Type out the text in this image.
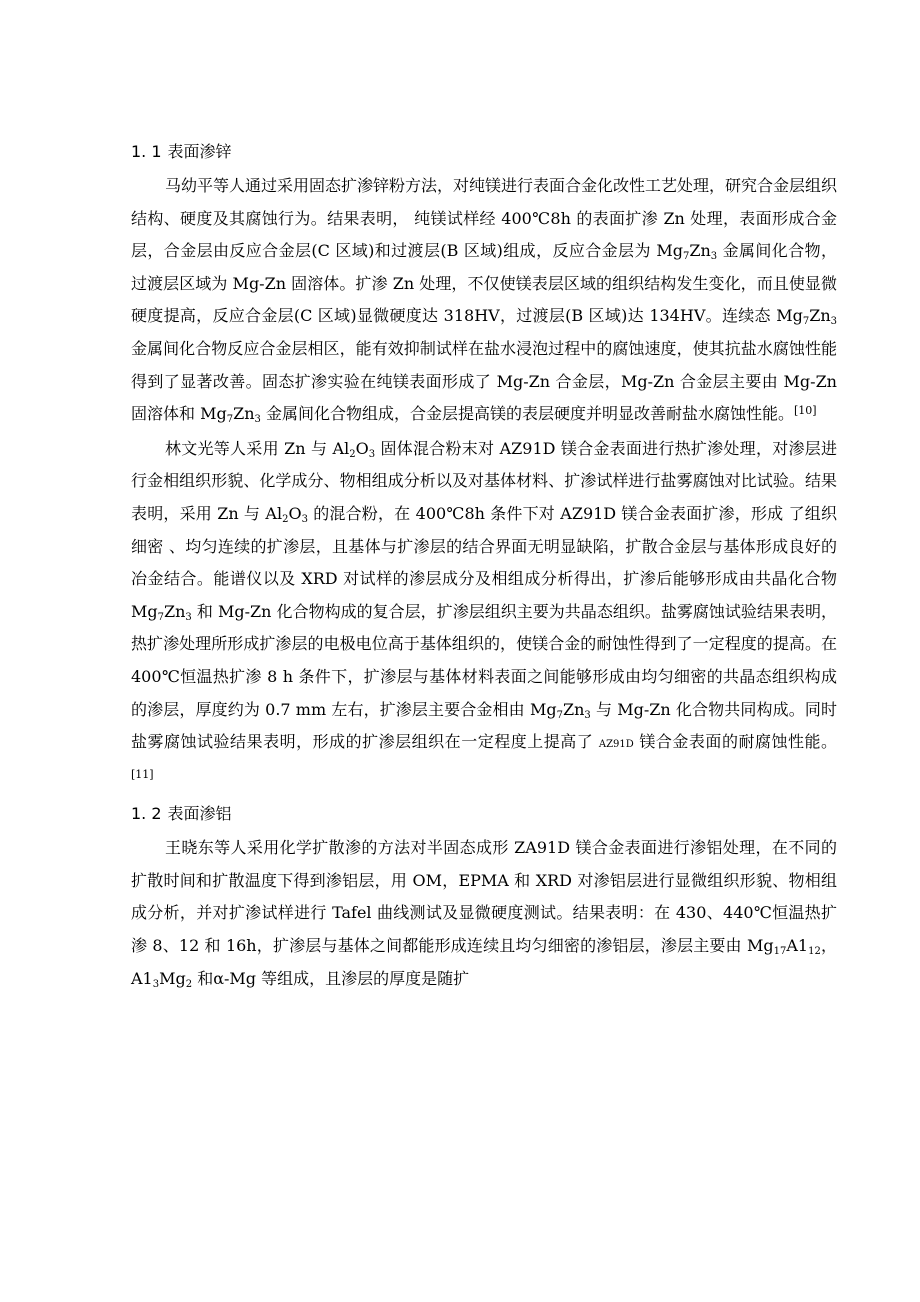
1. 1 表面渗锌

马幼平等人通过采用固态扩渗锌粉方法，对纯镁进行表面合金化改性工艺处理，研究合金层组织结构、硬度及其腐蚀行为。结果表明， 纯镁试样经 400℃8h 的表面扩渗 Zn 处理，表面形成合金层，合金层由反应合金层(C 区域)和过渡层(B 区域)组成，反应合金层为 $Mg_7Zn_3$ 金属间化合物，过渡层区域为 Mg-Zn 固溶体。扩渗 Zn 处理，不仅使镁表层区域的组织结构发生变化，而且使显微硬度提高，反应合金层(C 区域)显微硬度达 318HV，过渡层(B 区域)达 134HV。连续态 $Mg_7Zn_3$ 金属间化合物反应合金层相区，能有效抑制试样在盐水浸泡过程中的腐蚀速度，使其抗盐水腐蚀性能得到了显著改善。固态扩渗实验在纯镁表面形成了 Mg-Zn 合金层，Mg-Zn 合金层主要由 Mg-Zn 固溶体和 $Mg_7Zn_3$ 金属间化合物组成，合金层提高镁的表层硬度并明显改善耐盐水腐蚀性能。[10]

林文光等人采用 Zn 与 $Al_2O_3$ 固体混合粉末对 AZ91D 镁合金表面进行热扩渗处理，对渗层进行金相组织形貌、化学成分、物相组成分析以及对基体材料、扩渗试样进行盐雾腐蚀对比试验。结果表明，采用 Zn 与 $Al_2O_3$ 的混合粉，在 400℃8h 条件下对 AZ91D 镁合金表面扩渗，形成 了组织细密 、均匀连续的扩渗层，且基体与扩渗层的结合界面无明显缺陷，扩散合金层与基体形成良好的冶金结合。能谱仪以及 XRD 对试样的渗层成分及相组成分析得出，扩渗后能够形成由共晶化合物 $Mg_7Zn_3$ 和 Mg-Zn 化合物构成的复合层，扩渗层组织主要为共晶态组织。盐雾腐蚀试验结果表明，热扩渗处理所形成扩渗层的电极电位高于基体组织的，使镁合金的耐蚀性得到了一定程度的提高。在 400℃恒温热扩渗 8 h 条件下，扩渗层与基体材料表面之间能够形成由均匀细密的共晶态组织构成的渗层，厚度约为 0.7 mm 左右，扩渗层主要合金相由 $Mg_7Zn_3$ 与 Mg-Zn 化合物共同构成。同时盐雾腐蚀试验结果表明，形成的扩渗层组织在一定程度上提高了 AZ91D 镁合金表面的耐腐蚀性能。[11]

1. 2 表面渗铝

王晓东等人采用化学扩散渗的方法对半固态成形 ZA91D 镁合金表面进行渗铝处理，在不同的扩散时间和扩散温度下得到渗铝层，用 OM，EPMA 和 XRD 对渗铝层进行显微组织形貌、物相组成分析，并对扩渗试样进行 Tafel 曲线测试及显微硬度测试。结果表明：在 430、440℃恒温热扩渗 8、12 和 16h，扩渗层与基体之间都能形成连续且均匀细密的渗铝层，渗层主要由 $Mg_{17}A1_{12}$，$A1_3Mg_2$ 和α-Mg 等组成，且渗层的厚度是随扩
